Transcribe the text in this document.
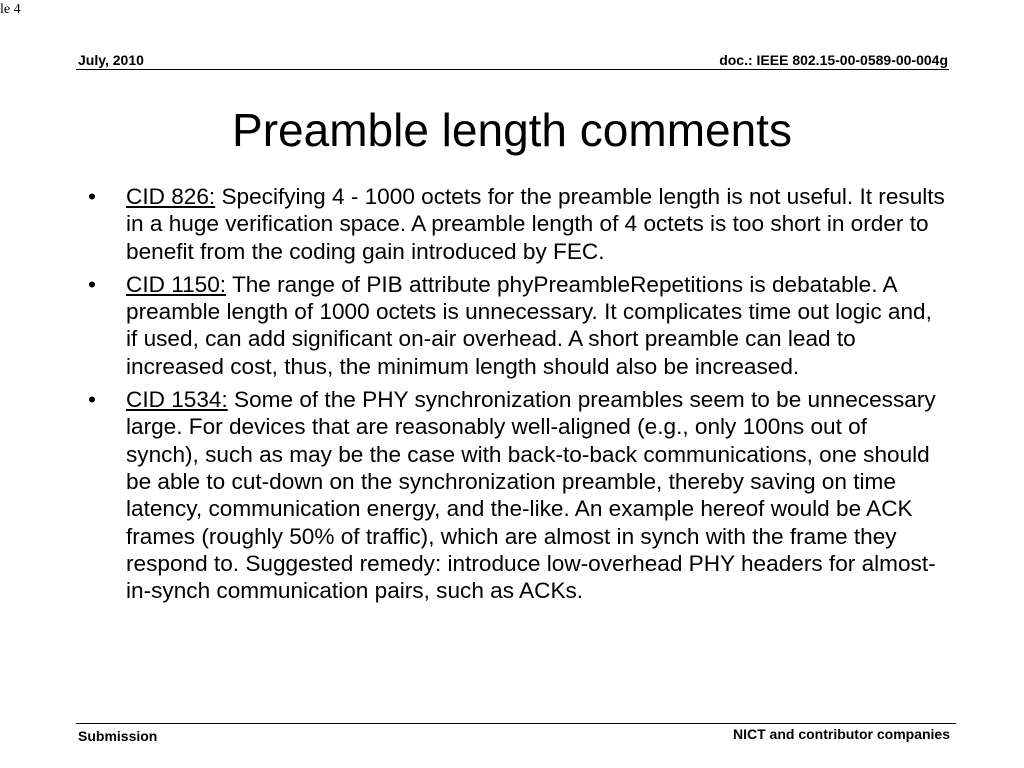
le 4
July, 2010	doc.: IEEE 802.15-00-0589-00-004g
Preamble length comments
• CID 826: Specifying 4 - 1000 octets for the preamble length is not useful. It results in a huge verification space. A preamble length of 4 octets is too short in order to benefit from the coding gain introduced by FEC.
• CID 1150: The range of PIB attribute phyPreambleRepetitions is debatable. A preamble length of 1000 octets is unnecessary. It complicates time out logic and, if used, can add significant on-air overhead. A short preamble can lead to increased cost, thus, the minimum length should also be increased.
• CID 1534: Some of the PHY synchronization preambles seem to be unnecessary large. For devices that are reasonably well-aligned (e.g., only 100ns out of synch), such as may be the case with back-to-back communications, one should be able to cut-down on the synchronization preamble, thereby saving on time latency, communication energy, and the-like. An example hereof would be ACK frames (roughly 50% of traffic), which are almost in synch with the frame they respond to. Suggested remedy: introduce low-overhead PHY headers for almost-in-synch communication pairs, such as ACKs.
Submission	NICT and contributor companies
